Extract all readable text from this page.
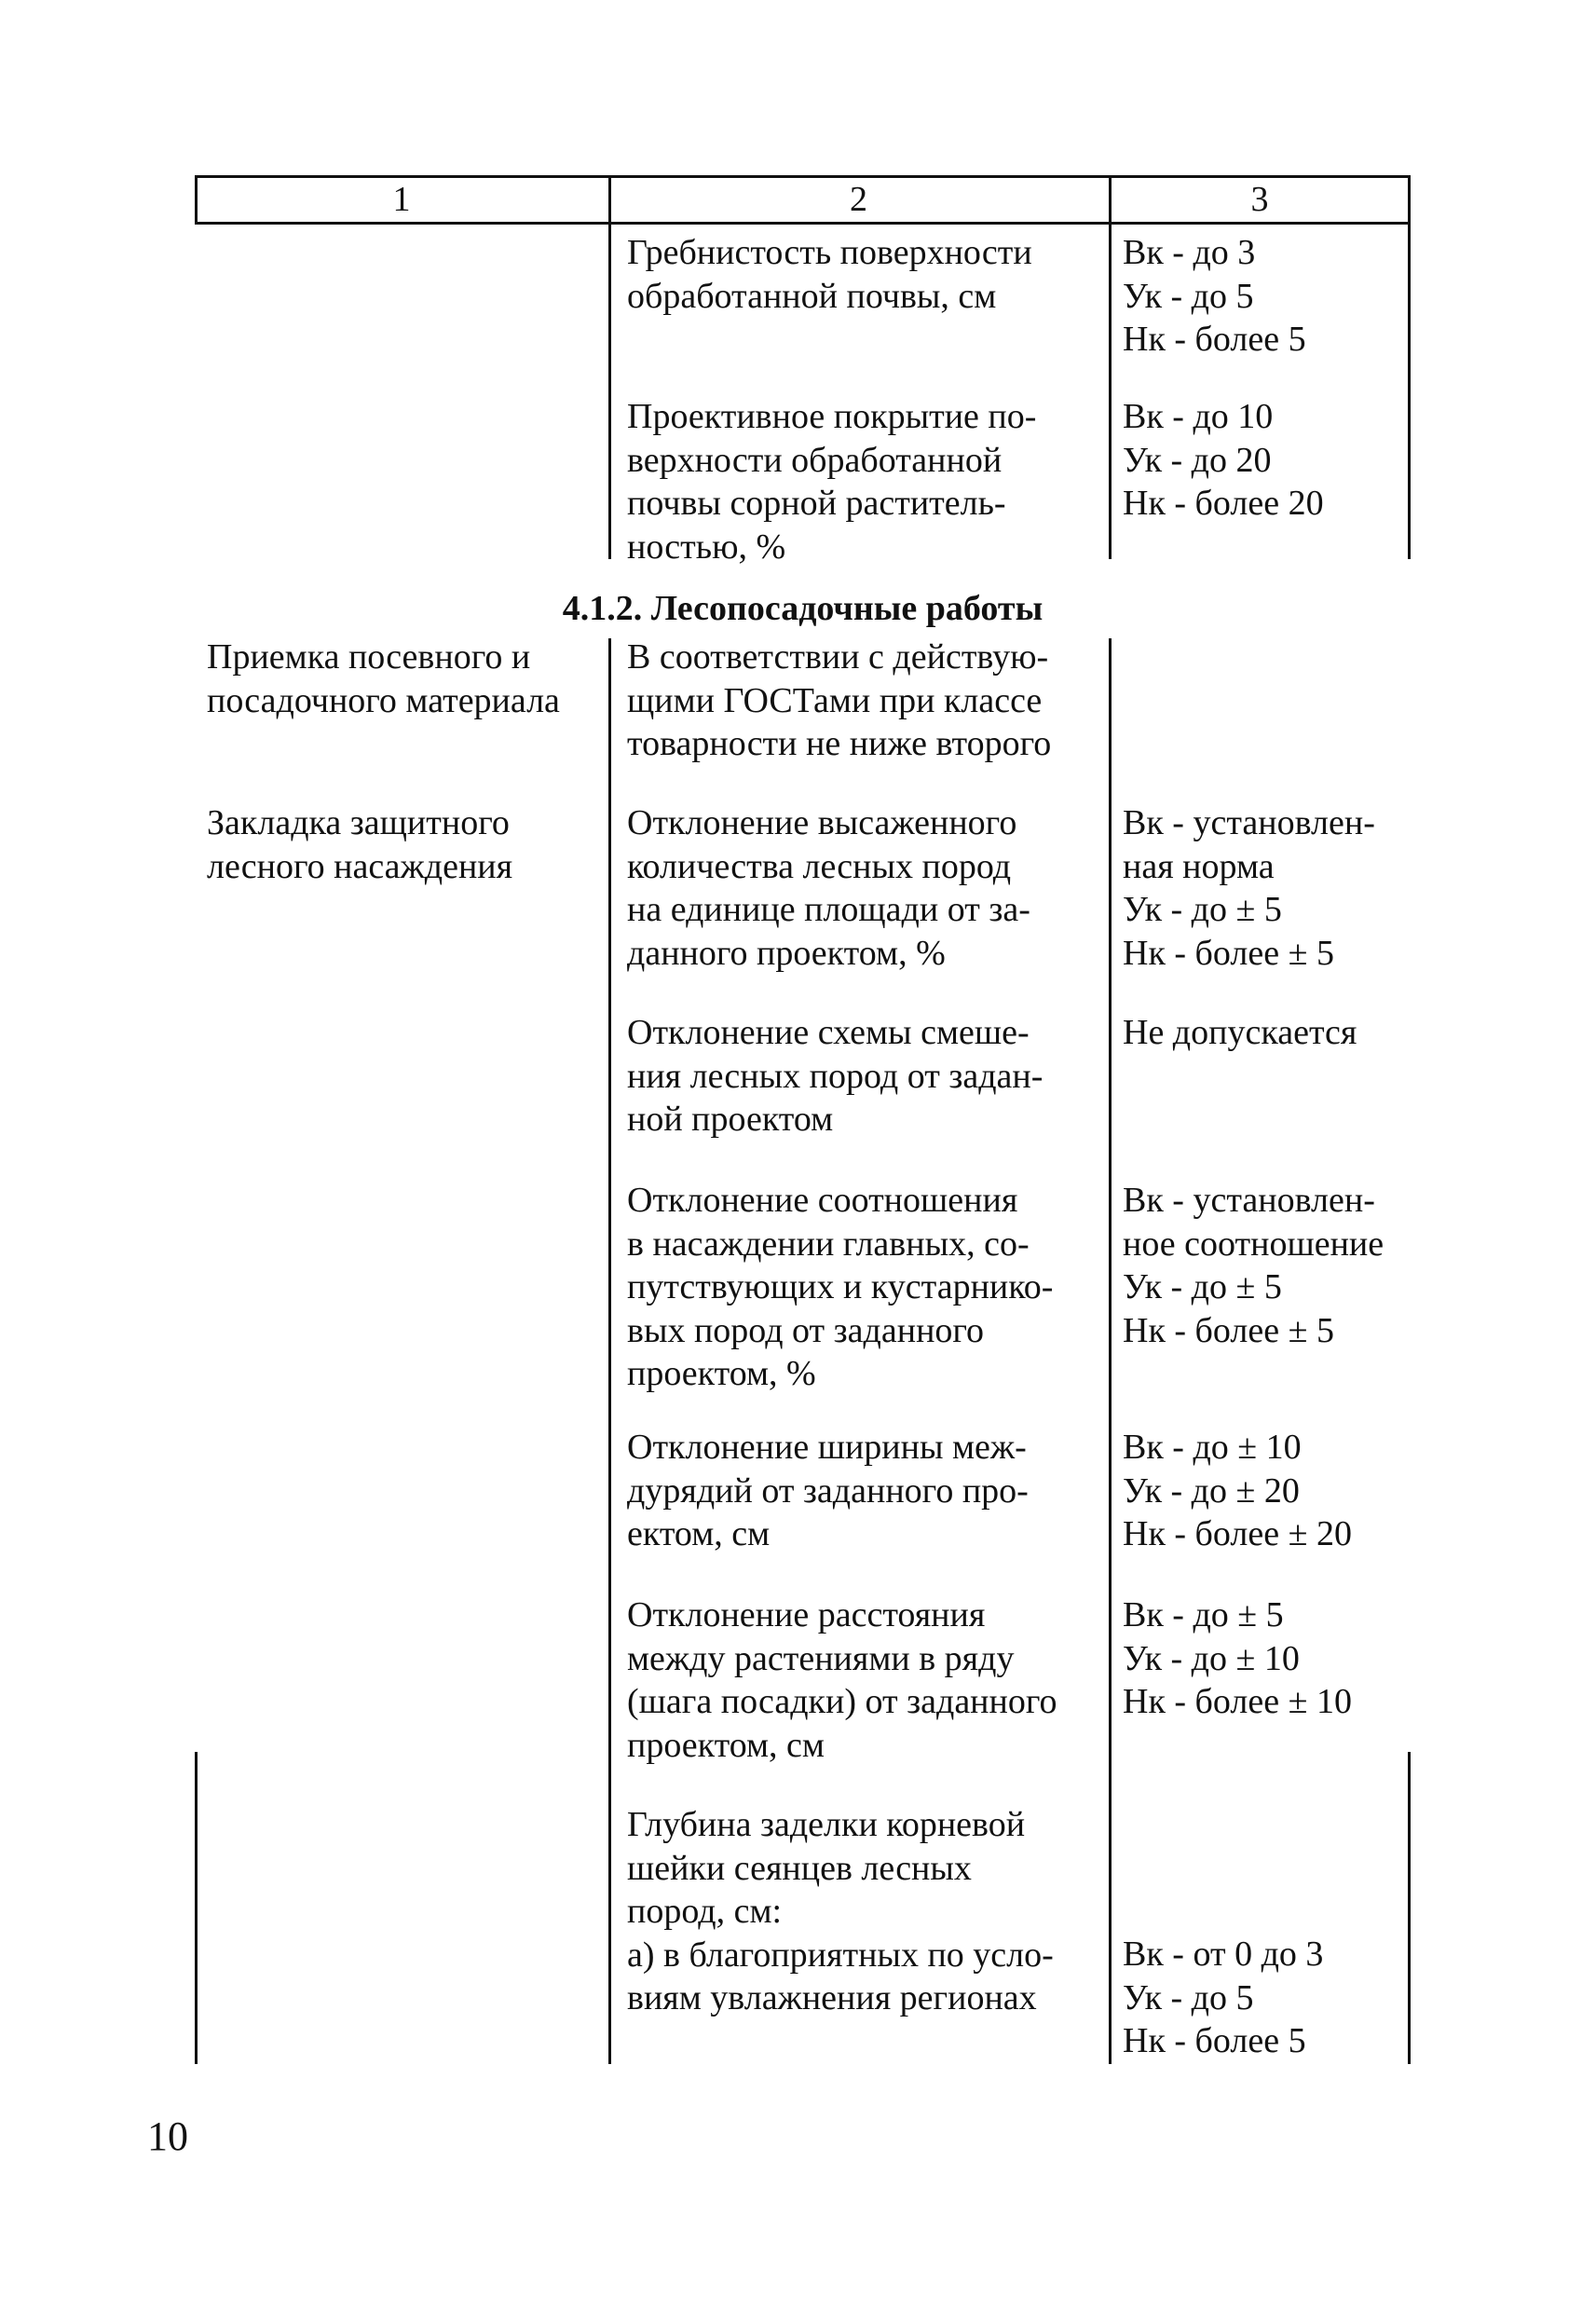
1	2	3
Гребнистость поверхности
обработанной почвы, см
Вк - до 3
Ук - до 5
Нк - более 5
Проективное покрытие по-
верхности обработанной
почвы сорной раститель-
ностью, %
Вк - до 10
Ук - до 20
Нк - более 20
4.1.2. Лесопосадочные работы
Приемка посевного и
посадочного материала
В соответствии с действую-
щими ГОСТами при классе
товарности не ниже второго
Закладка защитного
лесного насаждения
Отклонение высаженного
количества лесных пород
на единице площади от за-
данного проектом, %
Вк - установлен-
ная норма
Ук - до ± 5
Нк - более ± 5
Отклонение схемы смеше-
ния лесных пород от задан-
ной проектом
Не допускается
Отклонение соотношения
в насаждении главных, со-
путствующих и кустарнико-
вых пород от заданного
проектом, %
Вк - установлен-
ное соотношение
Ук - до ± 5
Нк - более ± 5
Отклонение ширины меж-
дурядий от заданного про-
ектом, см
Вк - до ± 10
Ук - до ± 20
Нк - более ± 20
Отклонение расстояния
между растениями в ряду
(шага посадки) от заданного
проектом, см
Вк - до ± 5
Ук - до ± 10
Нк - более ± 10
Глубина заделки корневой
шейки сеянцев лесных
пород, см:
а) в благоприятных по усло-
виям увлажнения регионах
Вк - от 0 до 3
Ук - до 5
Нк - более 5
10
